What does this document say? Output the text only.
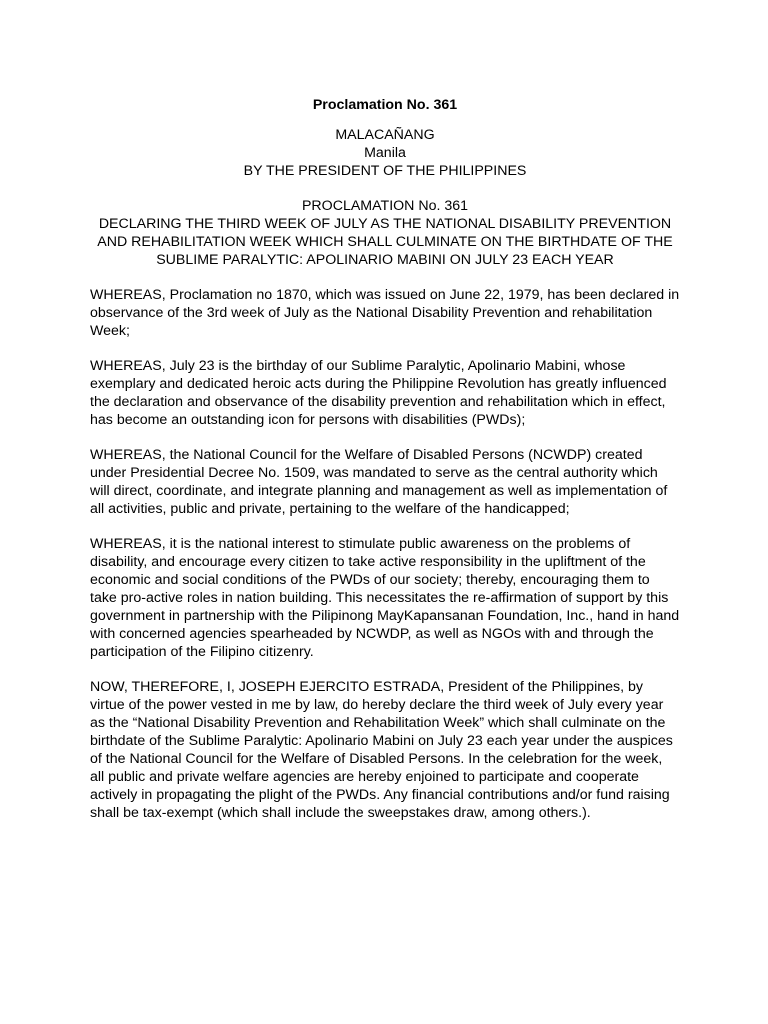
Proclamation No. 361
MALACAÑANG
Manila
BY THE PRESIDENT OF THE PHILIPPINES
PROCLAMATION No. 361
DECLARING THE THIRD WEEK OF JULY AS THE NATIONAL DISABILITY PREVENTION AND REHABILITATION WEEK WHICH SHALL CULMINATE ON THE BIRTHDATE OF THE SUBLIME PARALYTIC: APOLINARIO MABINI ON JULY 23 EACH YEAR

WHEREAS, Proclamation no 1870, which was issued on June 22, 1979, has been declared in observance of the 3rd week of July as the National Disability Prevention and rehabilitation Week;

WHEREAS, July 23 is the birthday of our Sublime Paralytic, Apolinario Mabini, whose exemplary and dedicated heroic acts during the Philippine Revolution has greatly influenced the declaration and observance of the disability prevention and rehabilitation which in effect, has become an outstanding icon for persons with disabilities (PWDs);

WHEREAS, the National Council for the Welfare of Disabled Persons (NCWDP) created under Presidential Decree No. 1509, was mandated to serve as the central authority which will direct, coordinate, and integrate planning and management as well as implementation of all activities, public and private, pertaining to the welfare of the handicapped;

WHEREAS, it is the national interest to stimulate public awareness on the problems of disability, and encourage every citizen to take active responsibility in the upliftment of the economic and social conditions of the PWDs of our society; thereby, encouraging them to take pro-active roles in nation building. This necessitates the re-affirmation of support by this government in partnership with the Pilipinong MayKapansanan Foundation, Inc., hand in hand with concerned agencies spearheaded by NCWDP, as well as NGOs with and through the participation of the Filipino citizenry.

NOW, THEREFORE, I, JOSEPH EJERCITO ESTRADA, President of the Philippines, by virtue of the power vested in me by law, do hereby declare the third week of July every year as the “National Disability Prevention and Rehabilitation Week” which shall culminate on the birthdate of the Sublime Paralytic: Apolinario Mabini on July 23 each year under the auspices of the National Council for the Welfare of Disabled Persons. In the celebration for the week, all public and private welfare agencies are hereby enjoined to participate and cooperate actively in propagating the plight of the PWDs. Any financial contributions and/or fund raising shall be tax-exempt (which shall include the sweepstakes draw, among others.).
